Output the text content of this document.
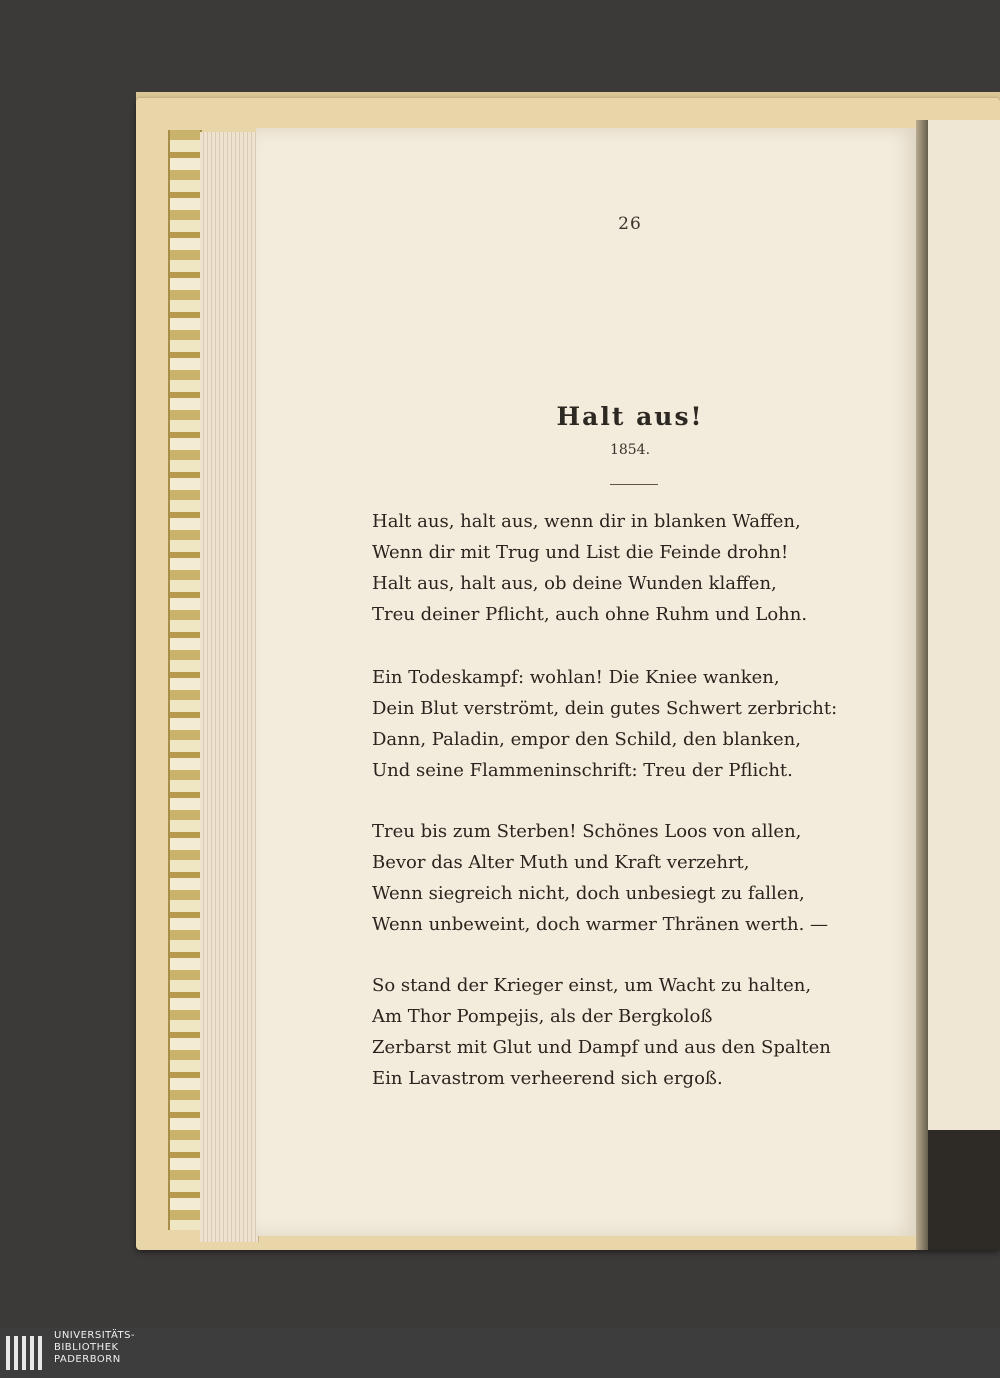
26
Halt aus!
1854.
Halt aus, halt aus, wenn dir in blanken Waffen,
Wenn dir mit Trug und List die Feinde drohn!
Halt aus, halt aus, ob deine Wunden klaffen,
Treu deiner Pflicht, auch ohne Ruhm und Lohn.
Ein Todeskampf: wohlan! Die Kniee wanken,
Dein Blut verströmt, dein gutes Schwert zerbricht:
Dann, Paladin, empor den Schild, den blanken,
Und seine Flammeninschrift: Treu der Pflicht.
Treu bis zum Sterben! Schönes Loos von allen,
Bevor das Alter Muth und Kraft verzehrt,
Wenn siegreich nicht, doch unbesiegt zu fallen,
Wenn unbeweint, doch warmer Thränen werth. —
So stand der Krieger einst, um Wacht zu halten,
Am Thor Pompejis, als der Bergkoloß
Zerbarst mit Glut und Dampf und aus den Spalten
Ein Lavastrom verheerend sich ergoß.
UNIVERSITÄTS-
BIBLIOTHEK
PADERBORN
